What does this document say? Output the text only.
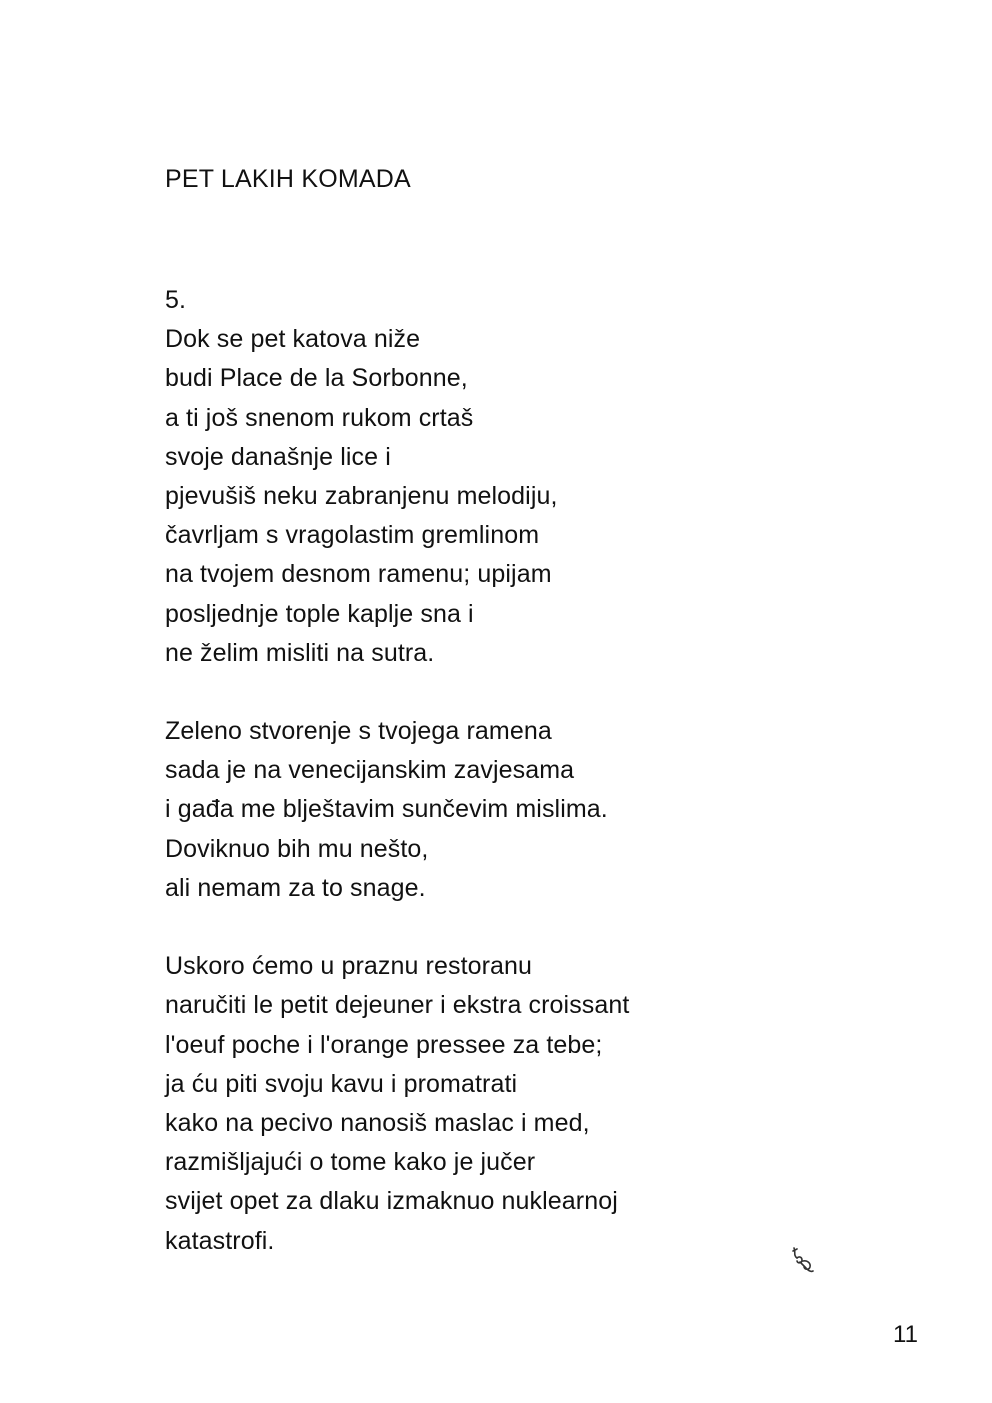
PET LAKIH KOMADA
5.
Dok se pet katova niže
budi Place de la Sorbonne,
a ti još snenom rukom crtaš
svoje današnje lice i
pjevušiš neku zabranjenu melodiju,
čavrljam s vragolastim gremlinom
na tvojem desnom ramenu; upijam
posljednje tople kaplje sna i
ne želim misliti na sutra.
Zeleno stvorenje s tvojega ramena
sada je na venecijanskim zavjesama
i gađa me blještavim sunčevim mislima.
Doviknuo bih mu nešto,
ali nemam za to snage.
Uskoro ćemo u praznu restoranu
naručiti le petit dejeuner i ekstra croissant
l'oeuf poche i l'orange pressee za tebe;
ja ću piti svoju kavu i promatrati
kako na pecivo nanosiš maslac i med,
razmišljajući o tome kako je jučer
svijet opet za dlaku izmaknuo nuklearnoj
katastrofi.
11
